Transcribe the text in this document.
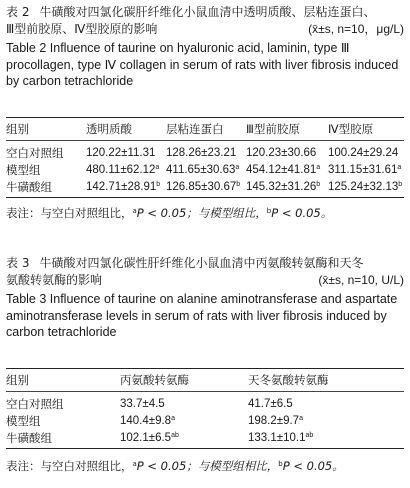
表 2 牛磺酸对四氯化碳肝纤维化小鼠血清中透明质酸、层粘连蛋白、
Ⅲ型前胶原、Ⅳ型胶原的影响	(x̄±s, n=10，μg/L)
Table 2 Influence of taurine on hyaluronic acid, laminin, type Ⅲ procollagen, type Ⅳ collagen in serum of rats with liver fibrosis induced by carbon tetrachloride
组别	透明质酸	层粘连蛋白	Ⅲ型前胶原	Ⅳ型胶原
空白对照组	120.22±11.31	128.26±23.21	120.23±30.66	100.24±29.24
模型组	480.11±62.12$^a$	411.65±30.63$^a$	454.12±41.81$^a$	311.15±31.61$^a$
牛磺酸组	142.71±28.91$^b$	126.85±30.67$^b$	145.32±31.26$^b$	125.24±32.13$^b$
表注：与空白对照组比，$^a$P < 0.05；与模型组比，$^b$P < 0.05。
表 3 牛磺酸对四氯化碳性肝纤维化小鼠血清中丙氨酸转氨酶和天冬
氨酸转氨酶的影响	(x̄±s, n=10, U/L)
Table 3 Influence of taurine on alanine aminotransferase and aspartate aminotransferase levels in serum of rats with liver fibrosis induced by carbon tetrachloride
组别	丙氨酸转氨酶	天冬氨酸转氨酶
空白对照组	33.7±4.5	41.7±6.5
模型组	140.4±9.8$^a$	198.2±9.7$^a$
牛磺酸组	102.1±6.5$^{ab}$	133.1±10.1$^{ab}$
表注：与空白对照组比，$^a$P < 0.05；与模型组相比，$^b$P < 0.05。
